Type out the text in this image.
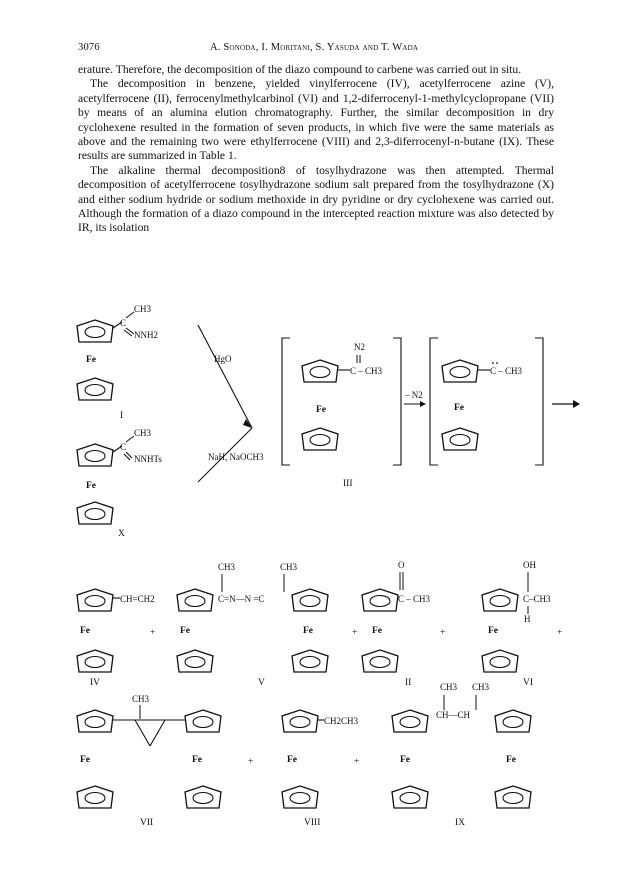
3076	A. Sonoda, I. Moritani, S. Yasuda and T. Wada

erature. Therefore, the decomposition of the diazo compound to carbene was carried out in situ.

The decomposition in benzene, yielded vinylferrocene (IV), acetylferrocene azine (V), acetylferrocene (II), ferrocenylmethylcarbinol (VI) and 1,2-diferrocenyl-1-methylcyclopropane (VII) by means of an alumina elution chromatography. Further, the similar decomposition in dry cyclohexene resulted in the formation of seven products, in which five were the same materials as above and the remaining two were ethylferrocene (VIII) and 2,3-diferrocenyl-n-butane (IX). These results are summarized in Table 1.

The alkaline thermal decomposition8 of tosylhydrazone was then attempted. Thermal decomposition of acetylferrocene tosylhydrazone sodium salt prepared from the tosylhydrazone (X) and either sodium hydride or sodium methoxide in dry pyridine or dry cyclohexene was carried out. Although the formation of a diazo compound in the intercepted reaction mixture was also detected by IR, its isolation

C
CH3
NNH2
Fe
I
C
CH3
NNHTs
Fe
X
HgO
NaH, NaOCH3
N2
C – CH3
Fe
III
– N2
C – CH3
Fe
CH=CH2
Fe
IV
+
CH3
C=N—N =C
CH3
Fe	Fe
V
+
O
C – CH3
Fe
II
+
OH
C–CH3
H
Fe
VI
+
CH3
Fe	Fe
VII
+
CH2CH3
Fe
VIII
+
CH3 CH3
CH—CH
Fe	Fe
IX
